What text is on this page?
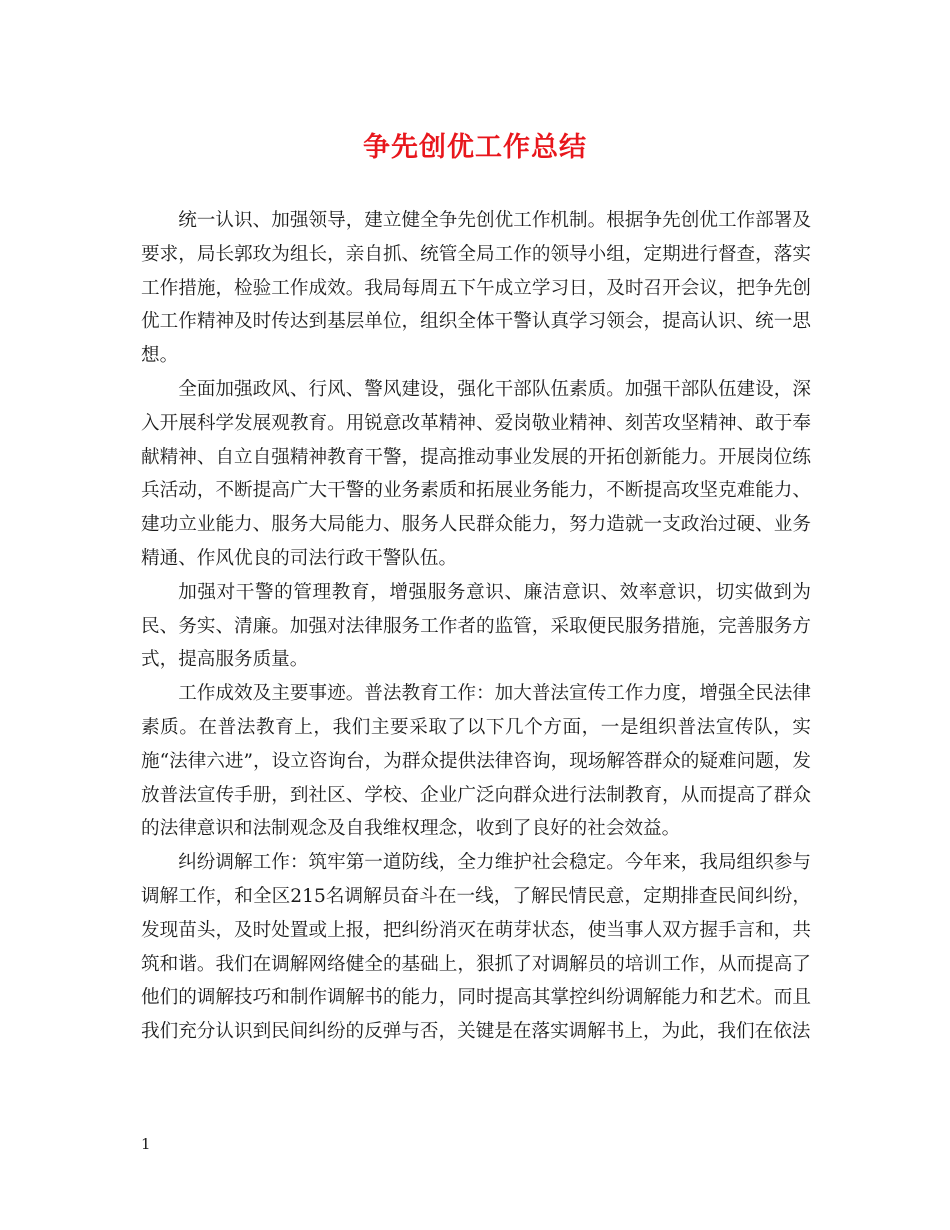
争先创优工作总结

统一认识、加强领导，建立健全争先创优工作机制。根据争先创优工作部署及要求，局长郭玫为组长，亲自抓、统管全局工作的领导小组，定期进行督查，落实工作措施，检验工作成效。我局每周五下午成立学习日，及时召开会议，把争先创优工作精神及时传达到基层单位，组织全体干警认真学习领会，提高认识、统一思想。

全面加强政风、行风、警风建设，强化干部队伍素质。加强干部队伍建设，深入开展科学发展观教育。用锐意改革精神、爱岗敬业精神、刻苦攻坚精神、敢于奉献精神、自立自强精神教育干警，提高推动事业发展的开拓创新能力。开展岗位练兵活动，不断提高广大干警的业务素质和拓展业务能力，不断提高攻坚克难能力、建功立业能力、服务大局能力、服务人民群众能力，努力造就一支政治过硬、业务精通、作风优良的司法行政干警队伍。

加强对干警的管理教育，增强服务意识、廉洁意识、效率意识，切实做到为民、务实、清廉。加强对法律服务工作者的监管，采取便民服务措施，完善服务方式，提高服务质量。

工作成效及主要事迹。普法教育工作：加大普法宣传工作力度，增强全民法律素质。在普法教育上，我们主要采取了以下几个方面，一是组织普法宣传队，实施“法律六进”，设立咨询台，为群众提供法律咨询，现场解答群众的疑难问题，发放普法宣传手册，到社区、学校、企业广泛向群众进行法制教育，从而提高了群众的法律意识和法制观念及自我维权理念，收到了良好的社会效益。

纠纷调解工作：筑牢第一道防线，全力维护社会稳定。今年来，我局组织参与调解工作，和全区215名调解员奋斗在一线，了解民情民意，定期排查民间纠纷，发现苗头，及时处置或上报，把纠纷消灭在萌芽状态，使当事人双方握手言和，共筑和谐。我们在调解网络健全的基础上，狠抓了对调解员的培训工作，从而提高了他们的调解技巧和制作调解书的能力，同时提高其掌控纠纷调解能力和艺术。而且我们充分认识到民间纠纷的反弹与否，关键是在落实调解书上，为此，我们在依法

1
